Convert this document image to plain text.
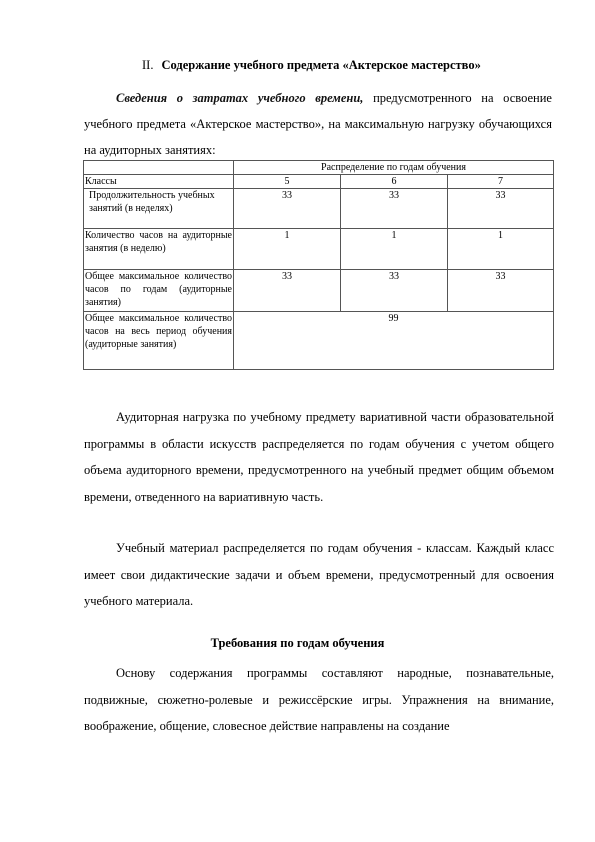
II. Содержание учебного предмета «Актерское мастерство»
Сведения о затратах учебного времени, предусмотренного на освоение учебного предмета «Актерское мастерство», на максимальную нагрузку обучающихся на аудиторных занятиях:
	Распределение по годам обучения		
Классы	5	6	7
Продолжительность учебных занятий (в неделях)	33	33	33
Количество часов на аудиторные занятия (в неделю)	1	1	1
Общее максимальное количество часов по годам (аудиторные занятия)	33	33	33
Общее максимальное количество часов на весь период обучения (аудиторные занятия)	99		
Аудиторная нагрузка по учебному предмету вариативной части образовательной программы в области искусств распределяется по годам обучения с учетом общего объема аудиторного времени, предусмотренного на учебный предмет общим объемом времени, отведенного на вариативную часть.
Учебный материал распределяется по годам обучения - классам. Каждый класс имеет свои дидактические задачи и объем времени, предусмотренный для освоения учебного материала.
Требования по годам обучения
Основу содержания программы составляют народные, познавательные, подвижные, сюжетно-ролевые и режиссёрские игры. Упражнения на внимание, воображение, общение, словесное действие направлены на создание
